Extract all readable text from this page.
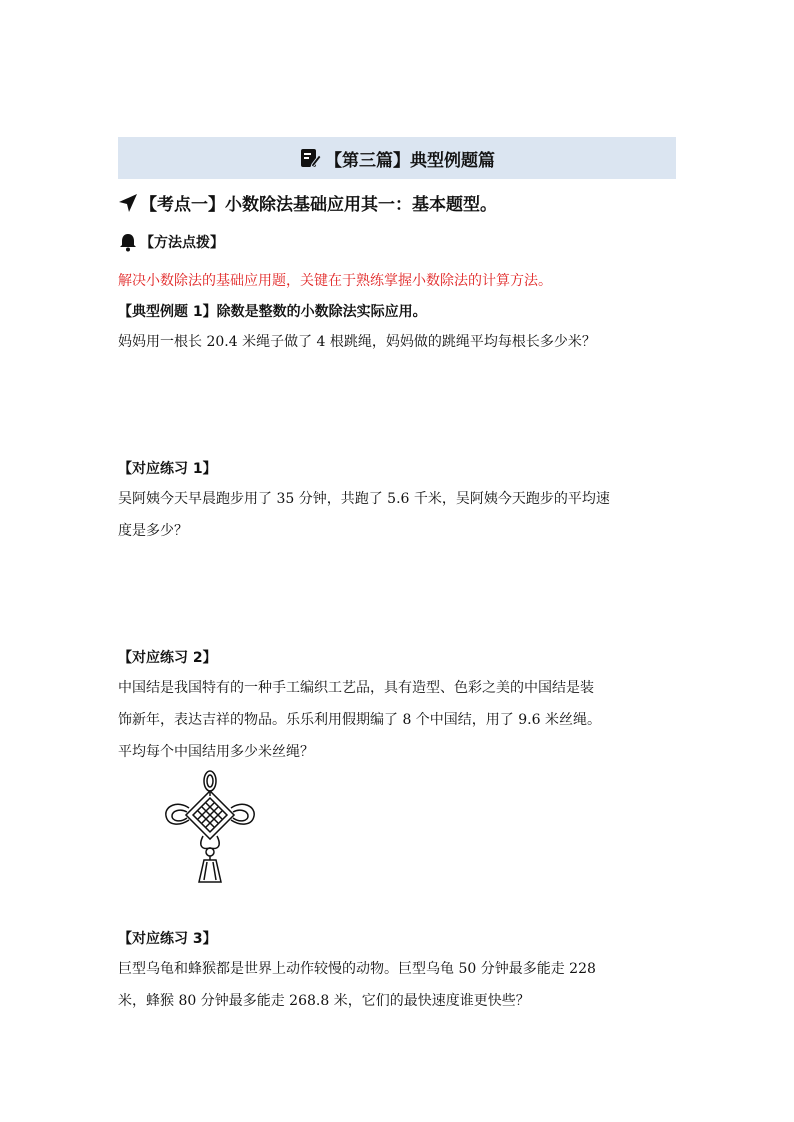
【第三篇】典型例题篇
【考点一】小数除法基础应用其一：基本题型。
【方法点拨】
解决小数除法的基础应用题，关键在于熟练掌握小数除法的计算方法。
【典型例题 1】除数是整数的小数除法实际应用。
妈妈用一根长 20.4 米绳子做了 4 根跳绳，妈妈做的跳绳平均每根长多少米？
【对应练习 1】
吴阿姨今天早晨跑步用了 35 分钟，共跑了 5.6 千米，吴阿姨今天跑步的平均速
度是多少？
【对应练习 2】
中国结是我国特有的一种手工编织工艺品，具有造型、色彩之美的中国结是装
饰新年，表达吉祥的物品。乐乐利用假期编了 8 个中国结，用了 9.6 米丝绳。
平均每个中国结用多少米丝绳？
【对应练习 3】
巨型乌龟和蜂猴都是世界上动作较慢的动物。巨型乌龟 50 分钟最多能走 228
米，蜂猴 80 分钟最多能走 268.8 米，它们的最快速度谁更快些？
